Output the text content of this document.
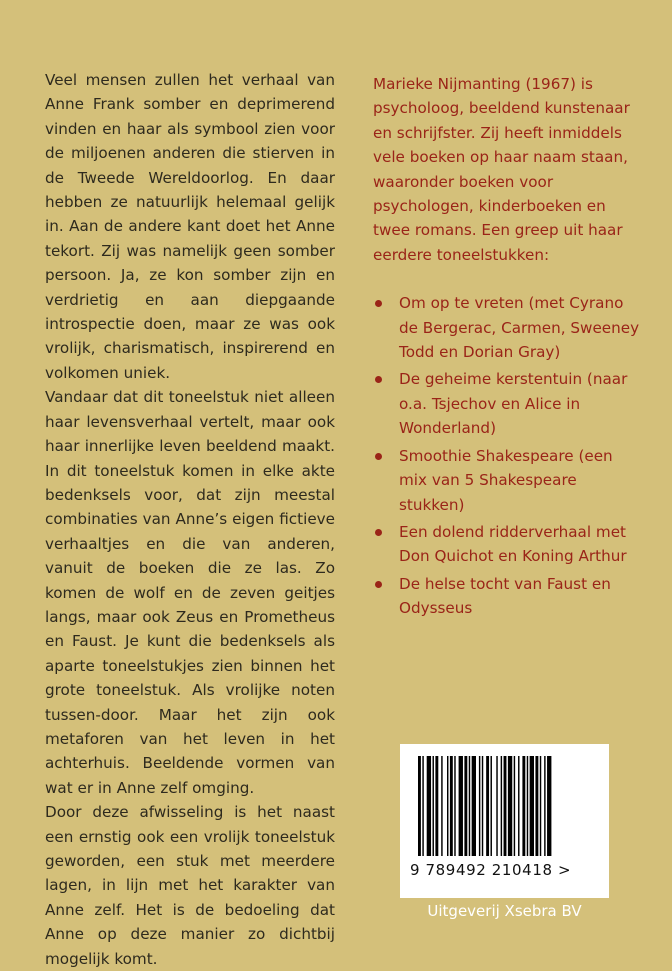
Veel mensen zullen het verhaal van Anne Frank somber en deprimerend vinden en haar als symbool zien voor de miljoenen anderen die stierven in de Tweede Wereldoorlog. En daar hebben ze natuurlijk helemaal gelijk in. Aan de andere kant doet het Anne tekort. Zij was namelijk geen somber persoon. Ja, ze kon somber zijn en verdrietig en aan diepgaande introspectie doen, maar ze was ook vrolijk, charismatisch, inspirerend en volkomen uniek.

Vandaar dat dit toneelstuk niet alleen haar levensverhaal vertelt, maar ook haar innerlijke leven beeldend maakt. In dit toneelstuk komen in elke akte bedenksels voor, dat zijn meestal combinaties van Anne’s eigen fictieve verhaaltjes en die van anderen, vanuit de boeken die ze las. Zo komen de wolf en de zeven geitjes langs, maar ook Zeus en Prometheus en Faust. Je kunt die bedenksels als aparte toneelstukjes zien binnen het grote toneelstuk. Als vrolijke noten tussen-door. Maar het zijn ook metaforen van het leven in het achterhuis. Beeldende vormen van wat er in Anne zelf omging.

Door deze afwisseling is het naast een ernstig ook een vrolijk toneelstuk geworden, een stuk met meerdere lagen, in lijn met het karakter van Anne zelf. Het is de bedoeling dat Anne op deze manier zo dichtbij mogelijk komt.

Marieke Nijmanting (1967) is psycholoog, beeldend kunstenaar en schrijfster. Zij heeft inmiddels vele boeken op haar naam staan, waaronder boeken voor psychologen, kinderboeken en twee romans. Een greep uit haar eerdere toneelstukken:

Om op te vreten (met Cyrano de Bergerac, Carmen, Sweeney Todd en Dorian Gray)
De geheime kerstentuin (naar o.a. Tsjechov en Alice in Wonderland)
Smoothie Shakespeare (een mix van 5 Shakespeare stukken)
Een dolend ridderverhaal met Don Quichot en Koning Arthur
De helse tocht van Faust en Odysseus
9 789492 210418 >
Uitgeverij Xsebra BV
